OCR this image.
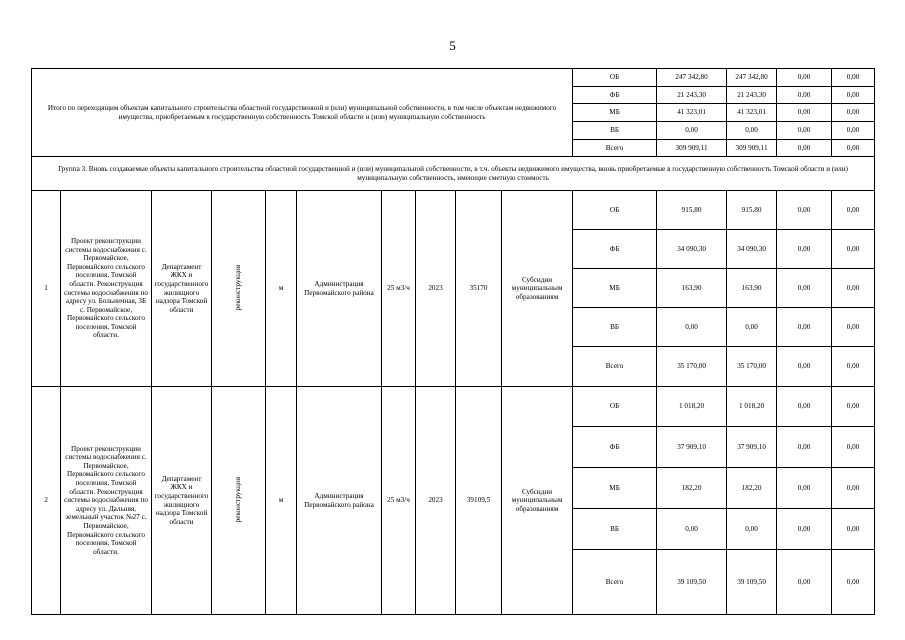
5
Итого по переходящим объектам капитального строительства областной государственной и (или) муниципальной собственности, в том числе объектам недвижимого имущества, приобретаемым в государственную собственность Томской области и (или) муниципальную собственность										ОБ	247 342,80	247 342,80	0,00	0,00
										ФБ	21 243,30	21 243,30	0,00	0,00
										МБ	41 323,01	41 323,01	0,00	0,00
										ВБ	0,00	0,00	0,00	0,00
										Всего	309 909,11	309 909,11	0,00	0,00
Группа 3. Вновь создаваемые объекты капитального строительства областной государственной и (или) муниципальной собственности, в т.ч. объекты недвижимого имущества, вновь приобретаемые в государственную собственность Томской области и (или) муниципальную собственность, имеющие сметную стоимость														
1	Проект реконструкции системы водоснабжения с. Первомайское, Первомайского сельского поселения, Томской области. Реконструкция системы водоснабжения по адресу ул. Больничная, 3Б с. Первомайское, Первомайского сельского поселения, Томской области.	Департамент ЖКХ и государственного жилищного надзора Томской области	реконструкция	м	Администрация Первомайского района	25 м3/ч	2023	35170	Субсидии муниципальным образованиям	ОБ	915,80	915,80	0,00	0,00
										ФБ	34 090,30	34 090,30	0,00	0,00
										МБ	163,90	163,90	0,00	0,00
										ВБ	0,00	0,00	0,00	0,00
										Всего	35 170,00	35 170,00	0,00	0,00
2	Проект реконструкции системы водоснабжения с. Первомайское, Первомайского сельского поселения, Томской области. Реконструкция системы водоснабжения по адресу ул. Дальняя, земельный участок №27 с. Первомайское, Первомайского сельского поселения, Томской области.	Департамент ЖКХ и государственного жилищного надзора Томской области	реконструкция	м	Администрация Первомайского района	25 м3/ч	2023	39109,5	Субсидии муниципальным образованиям	ОБ	1 018,20	1 018,20	0,00	0,00
										ФБ	37 909,10	37 909,10	0,00	0,00
										МБ	182,20	182,20	0,00	0,00
										ВБ	0,00	0,00	0,00	0,00
										Всего	39 109,50	39 109,50	0,00	0,00
